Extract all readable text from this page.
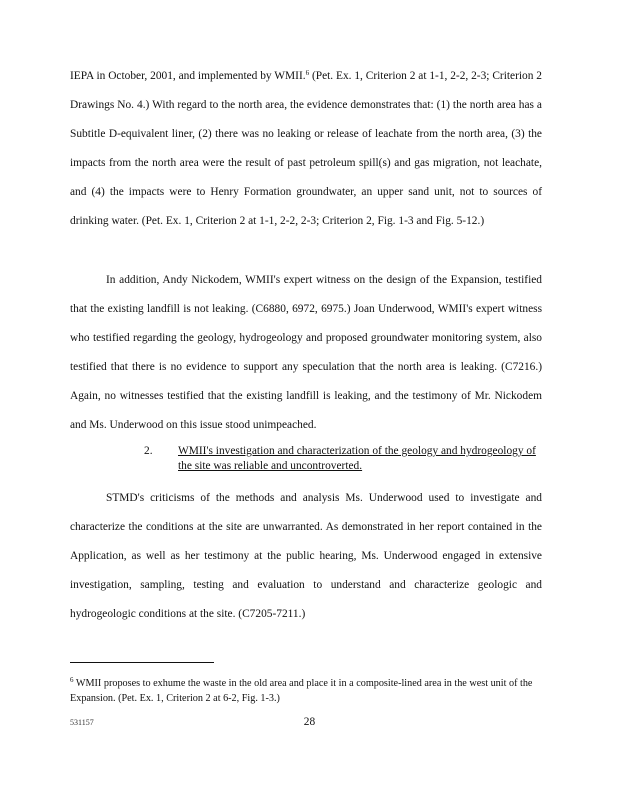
IEPA in October, 2001, and implemented by WMII.$^6$ (Pet. Ex. 1, Criterion 2 at 1-1, 2-2, 2-3; Criterion 2 Drawings No. 4.) With regard to the north area, the evidence demonstrates that: (1) the north area has a Subtitle D-equivalent liner, (2) there was no leaking or release of leachate from the north area, (3) the impacts from the north area were the result of past petroleum spill(s) and gas migration, not leachate, and (4) the impacts were to Henry Formation groundwater, an upper sand unit, not to sources of drinking water. (Pet. Ex. 1, Criterion 2 at 1-1, 2-2, 2-3; Criterion 2, Fig. 1-3 and Fig. 5-12.)

In addition, Andy Nickodem, WMII's expert witness on the design of the Expansion, testified that the existing landfill is not leaking. (C6880, 6972, 6975.) Joan Underwood, WMII's expert witness who testified regarding the geology, hydrogeology and proposed groundwater monitoring system, also testified that there is no evidence to support any speculation that the north area is leaking. (C7216.) Again, no witnesses testified that the existing landfill is leaking, and the testimony of Mr. Nickodem and Ms. Underwood on this issue stood unimpeached.

2. WMII's investigation and characterization of the geology and hydrogeology of the site was reliable and uncontroverted.

STMD's criticisms of the methods and analysis Ms. Underwood used to investigate and characterize the conditions at the site are unwarranted. As demonstrated in her report contained in the Application, as well as her testimony at the public hearing, Ms. Underwood engaged in extensive investigation, sampling, testing and evaluation to understand and characterize geologic and hydrogeologic conditions at the site. (C7205-7211.)

$^6$ WMII proposes to exhume the waste in the old area and place it in a composite-lined area in the west unit of the Expansion. (Pet. Ex. 1, Criterion 2 at 6-2, Fig. 1-3.)

531157	28
